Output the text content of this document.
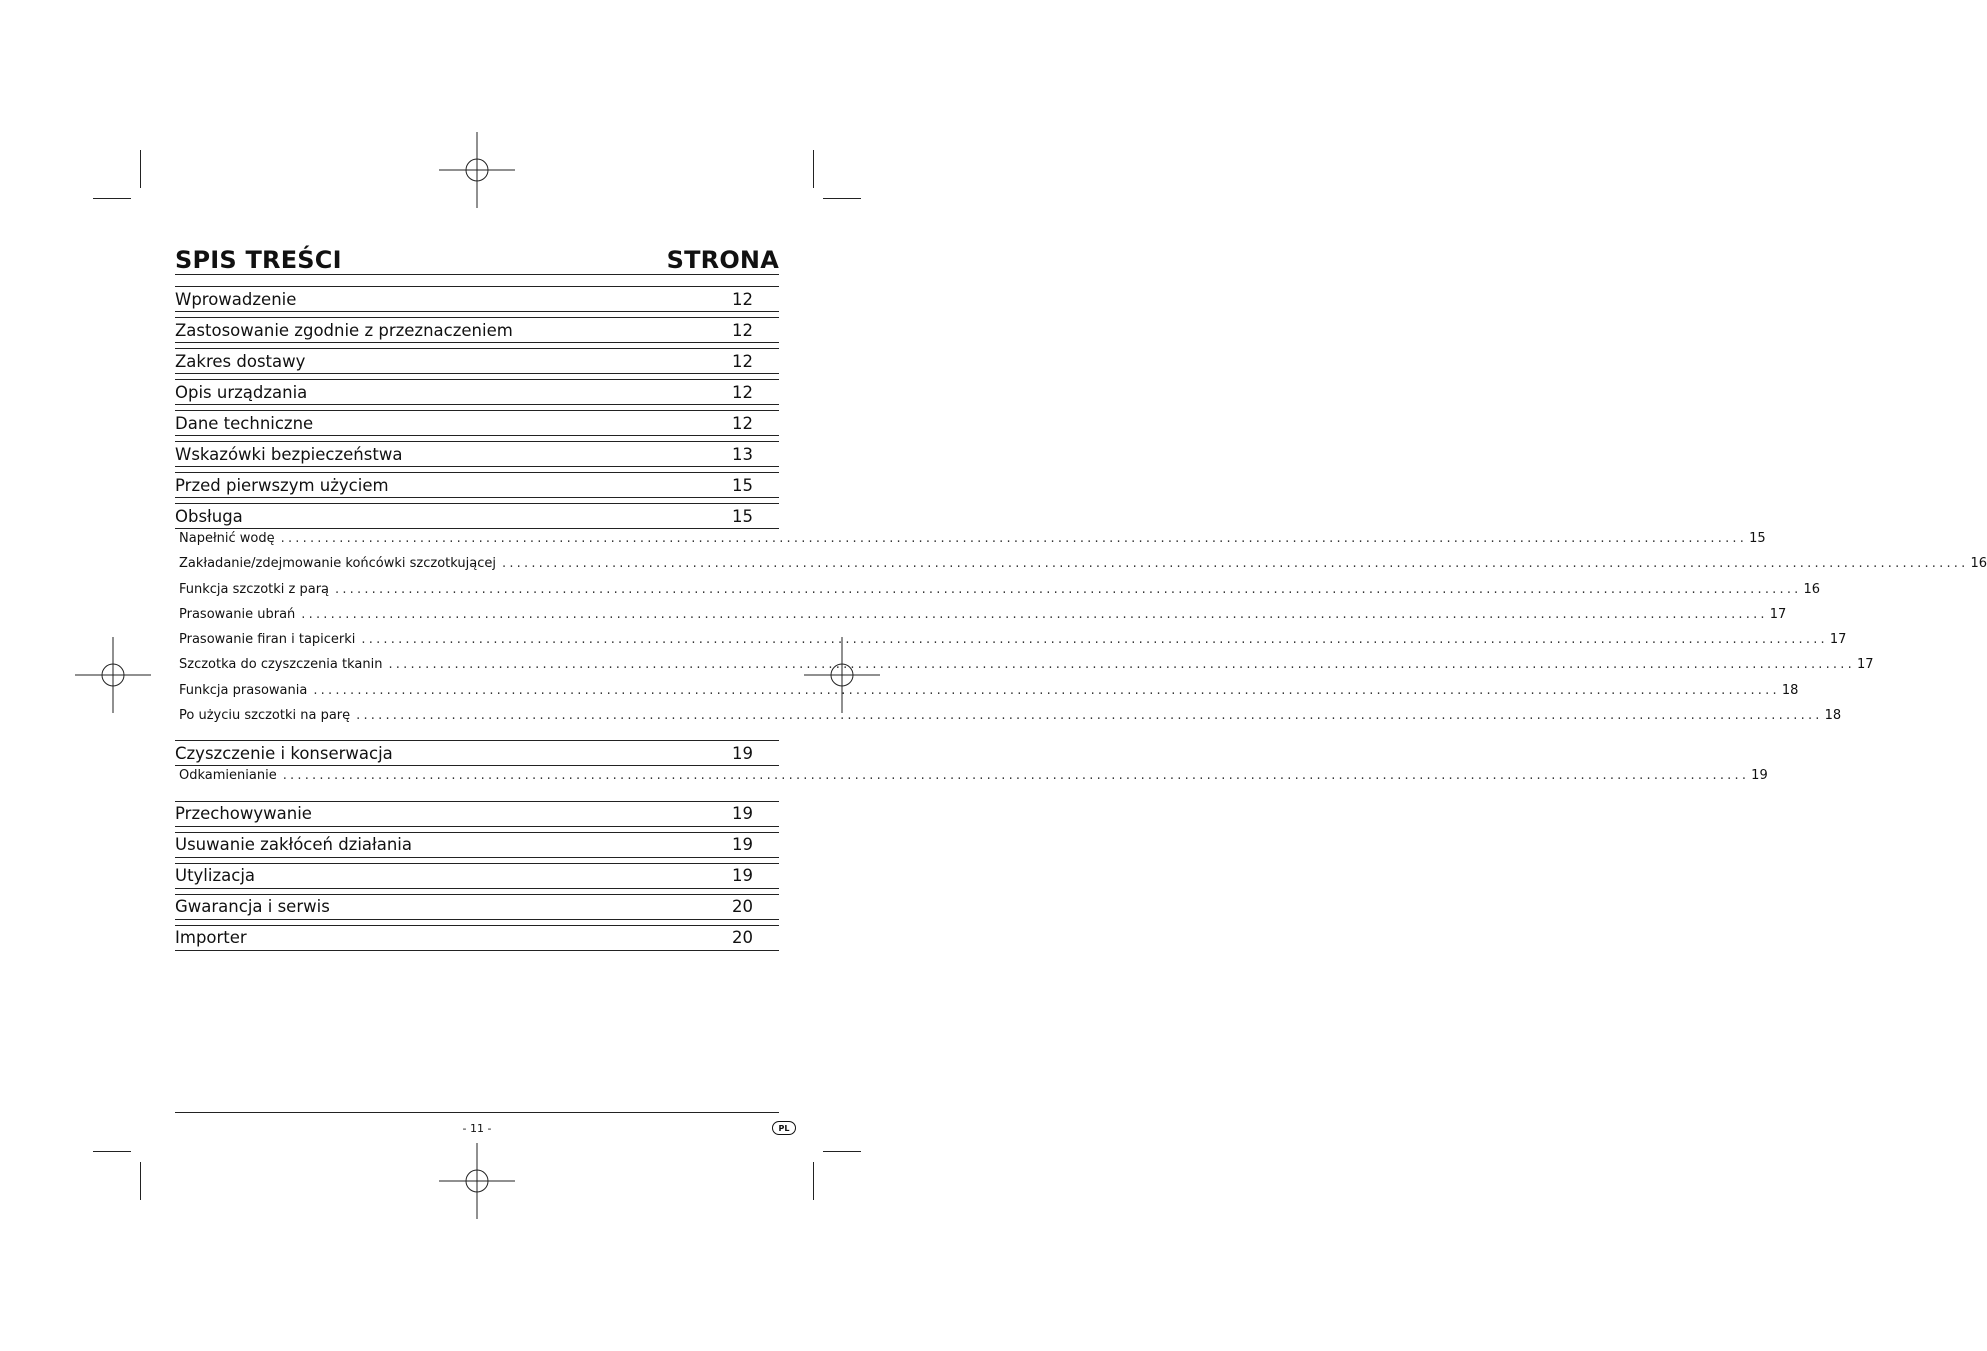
SPIS TREŚCI	STRONA
Wprowadzenie	12
Zastosowanie zgodnie z przeznaczeniem	12
Zakres dostawy	12
Opis urządzania	12
Dane techniczne	12
Wskazówki bezpieczeństwa	13
Przed pierwszym użyciem	15
Obsługa	15
Napełnić wodę ........................................................................................................................................................................................................ 15
Zakładanie/zdejmowanie końcówki szczotkującej ........................................................................................................................................................................................................ 16
Funkcja szczotki z parą ........................................................................................................................................................................................................ 16
Prasowanie ubrań ........................................................................................................................................................................................................ 17
Prasowanie firan i tapicerki ........................................................................................................................................................................................................ 17
Szczotka do czyszczenia tkanin ........................................................................................................................................................................................................ 17
Funkcja prasowania ........................................................................................................................................................................................................ 18
Po użyciu szczotki na parę ........................................................................................................................................................................................................ 18
Czyszczenie i konserwacja	19
Odkamienianie ........................................................................................................................................................................................................ 19
Przechowywanie	19
Usuwanie zakłóceń działania	19
Utylizacja	19
Gwarancja i serwis	20
Importer	20
- 11 -	PL
